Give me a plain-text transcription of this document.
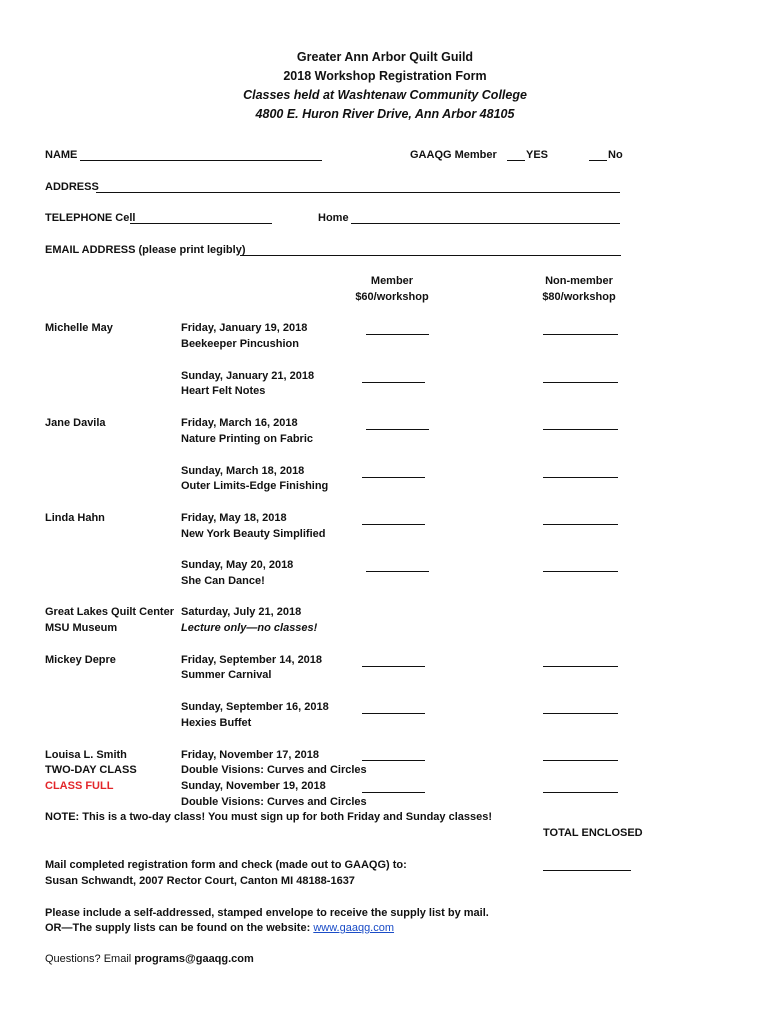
Greater Ann Arbor Quilt Guild
2018 Workshop Registration Form
Classes held at Washtenaw Community College
4800 E. Huron River Drive, Ann Arbor 48105
NAME	GAAQG Member	YES	No
ADDRESS
TELEPHONE Cell	Home
EMAIL ADDRESS (please print legibly)
Member
$60/workshop
Non-member
$80/workshop
Michelle May	Friday, January 19, 2018
Beekeeper Pincushion
Sunday, January 21, 2018
Heart Felt Notes
Jane Davila	Friday, March 16, 2018
Nature Printing on Fabric
Sunday, March 18, 2018
Outer Limits-Edge Finishing
Linda Hahn	Friday, May 18, 2018
New York Beauty Simplified
Sunday, May 20, 2018
She Can Dance!
Great Lakes Quilt Center
MSU Museum
Saturday, July 21, 2018
Lecture only—no classes!
Mickey Depre	Friday, September 14, 2018
Summer Carnival
Sunday, September 16, 2018
Hexies Buffet
Louisa L. Smith
TWO-DAY CLASS
CLASS FULL
Friday, November 17, 2018
Double Visions: Curves and Circles
Sunday, November 19, 2018
Double Visions: Curves and Circles
NOTE: This is a two-day class! You must sign up for both Friday and Sunday classes!
TOTAL ENCLOSED
Mail completed registration form and check (made out to GAAQG) to:
Susan Schwandt, 2007 Rector Court, Canton MI 48188-1637
Please include a self-addressed, stamped envelope to receive the supply list by mail.
OR—The supply lists can be found on the website: www.gaaqg.com
Questions? Email programs@gaaqg.com
